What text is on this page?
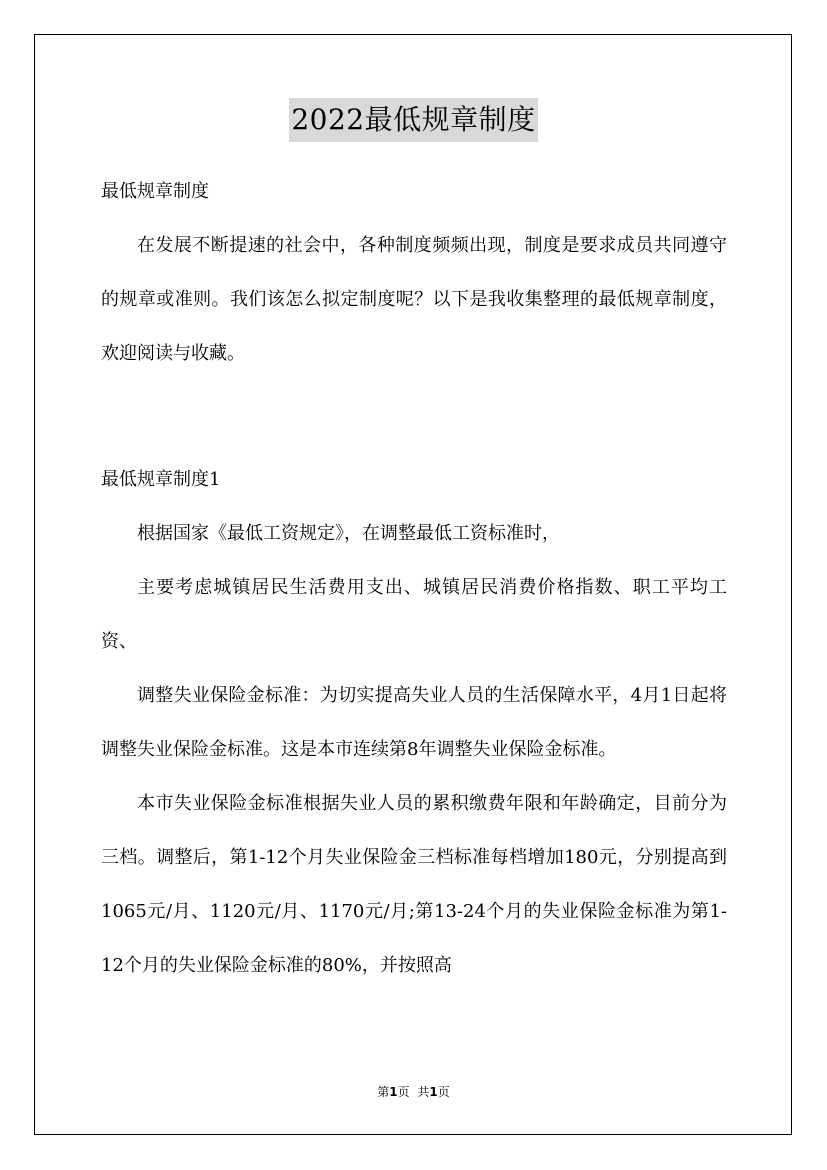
2022最低规章制度

最低规章制度

在发展不断提速的社会中，各种制度频频出现，制度是要求成员共同遵守的规章或准则。我们该怎么拟定制度呢？以下是我收集整理的最低规章制度，欢迎阅读与收藏。

最低规章制度1

根据国家《最低工资规定》，在调整最低工资标准时，

主要考虑城镇居民生活费用支出、城镇居民消费价格指数、职工平均工资、

调整失业保险金标准：为切实提高失业人员的生活保障水平，4月1日起将调整失业保险金标准。这是本市连续第8年调整失业保险金标准。

本市失业保险金标准根据失业人员的累积缴费年限和年龄确定，目前分为三档。调整后，第1-12个月失业保险金三档标准每档增加180元，分别提高到1065元/月、1120元/月、1170元/月;第13-24个月的失业保险金标准为第1-12个月的失业保险金标准的80%，并按照高

第1页 共1页
